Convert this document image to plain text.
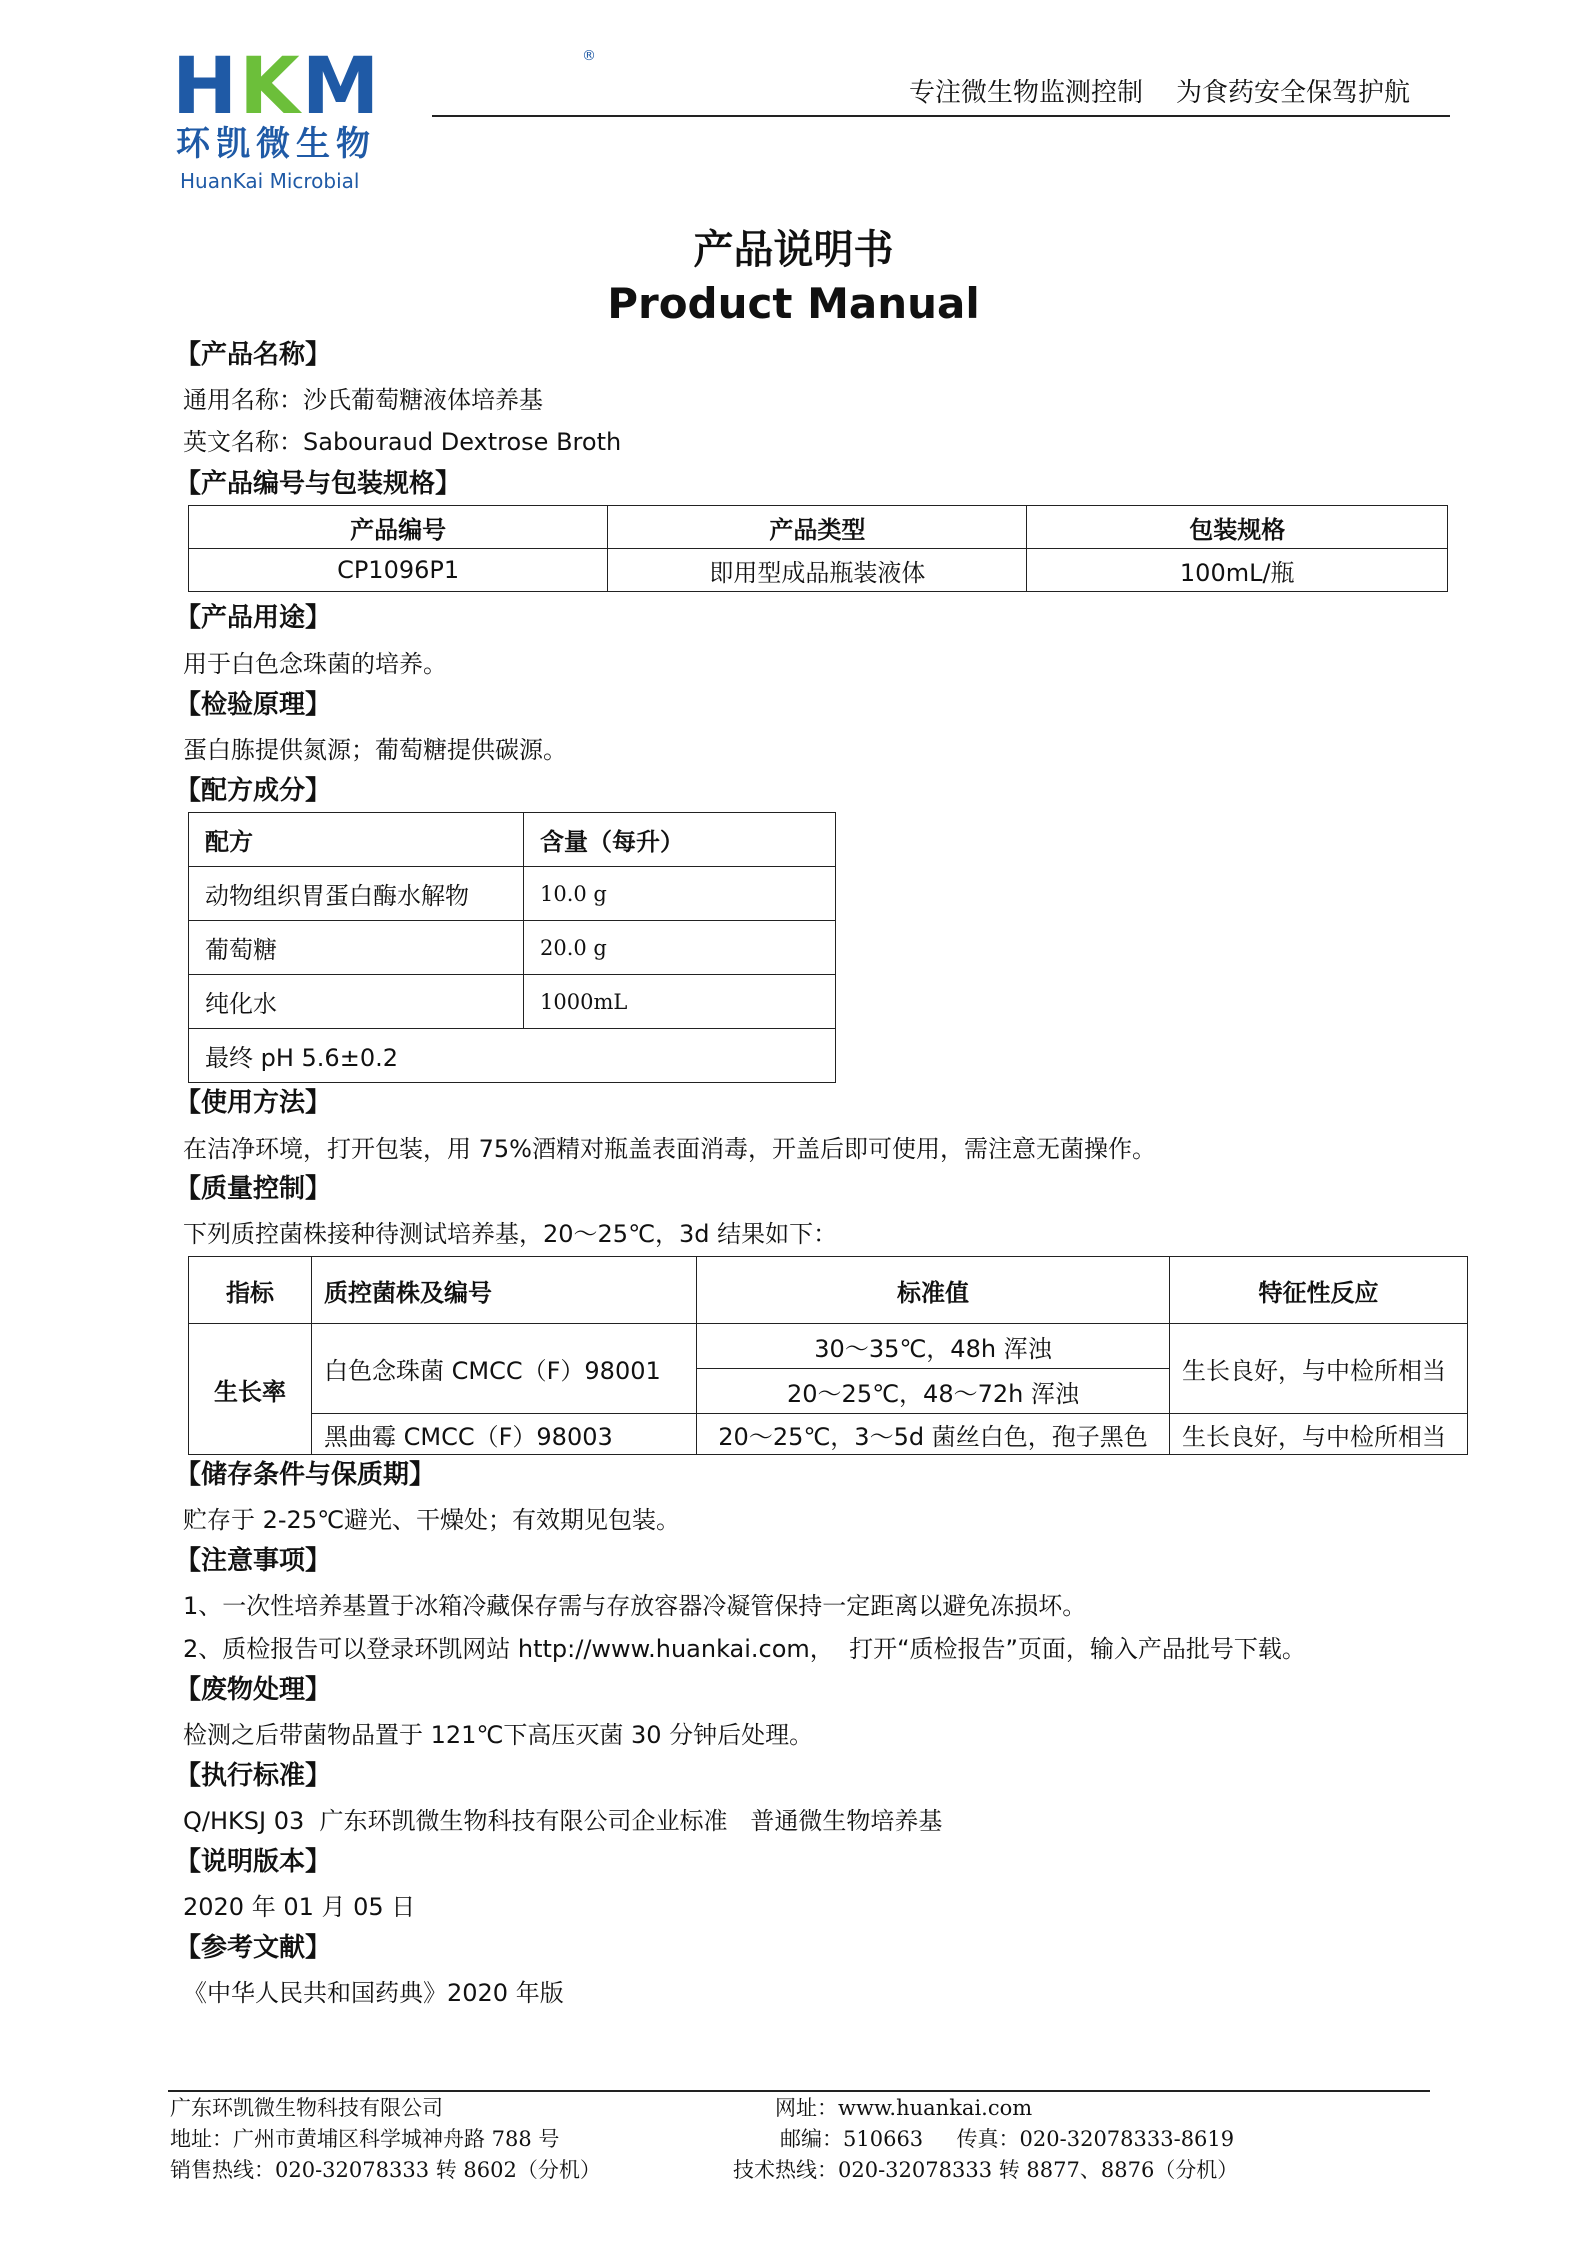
HKM	®
环凯微生物
HuanKai Microbial
专注微生物监测控制    为食药安全保驾护航
产品说明书
Product Manual
【产品名称】
通用名称：沙氏葡萄糖液体培养基
英文名称：Sabouraud Dextrose Broth
【产品编号与包装规格】
产品编号	产品类型	包装规格
CP1096P1	即用型成品瓶装液体	100mL/瓶
【产品用途】
用于白色念珠菌的培养。
【检验原理】
蛋白胨提供氮源；葡萄糖提供碳源。
【配方成分】
配方	含量（每升）
动物组织胃蛋白酶水解物	10.0 g
葡萄糖	20.0 g
纯化水	1000mL
最终 pH 5.6±0.2	
【使用方法】
在洁净环境，打开包装，用 75%酒精对瓶盖表面消毒，开盖后即可使用，需注意无菌操作。
【质量控制】
下列质控菌株接种待测试培养基，20～25℃，3d 结果如下：
指标	质控菌株及编号	标准值	特征性反应
生长率	白色念珠菌 CMCC（F）98001	30～35℃，48h 浑浊	生长良好，与中检所相当
		20～25℃，48～72h 浑浊	
	黑曲霉 CMCC（F）98003	20～25℃，3～5d 菌丝白色，孢子黑色	生长良好，与中检所相当
【储存条件与保质期】
贮存于 2-25℃避光、干燥处；有效期见包装。
【注意事项】
1、一次性培养基置于冰箱冷藏保存需与存放容器冷凝管保持一定距离以避免冻损坏。
2、质检报告可以登录环凯网站 http://www.huankai.com，  打开“质检报告”页面，输入产品批号下载。
【废物处理】
检测之后带菌物品置于 121℃下高压灭菌 30 分钟后处理。
【执行标准】
Q/HKSJ 03  广东环凯微生物科技有限公司企业标准   普通微生物培养基
【说明版本】
2020 年 01 月 05 日
【参考文献】
《中华人民共和国药典》2020 年版
广东环凯微生物科技有限公司
地址：广州市黄埔区科学城神舟路 788 号
销售热线：020-32078333 转 8602（分机）
网址：www.huankai.com
邮编：510663     传真：020-32078333-8619
技术热线：020-32078333 转 8877、8876（分机）
